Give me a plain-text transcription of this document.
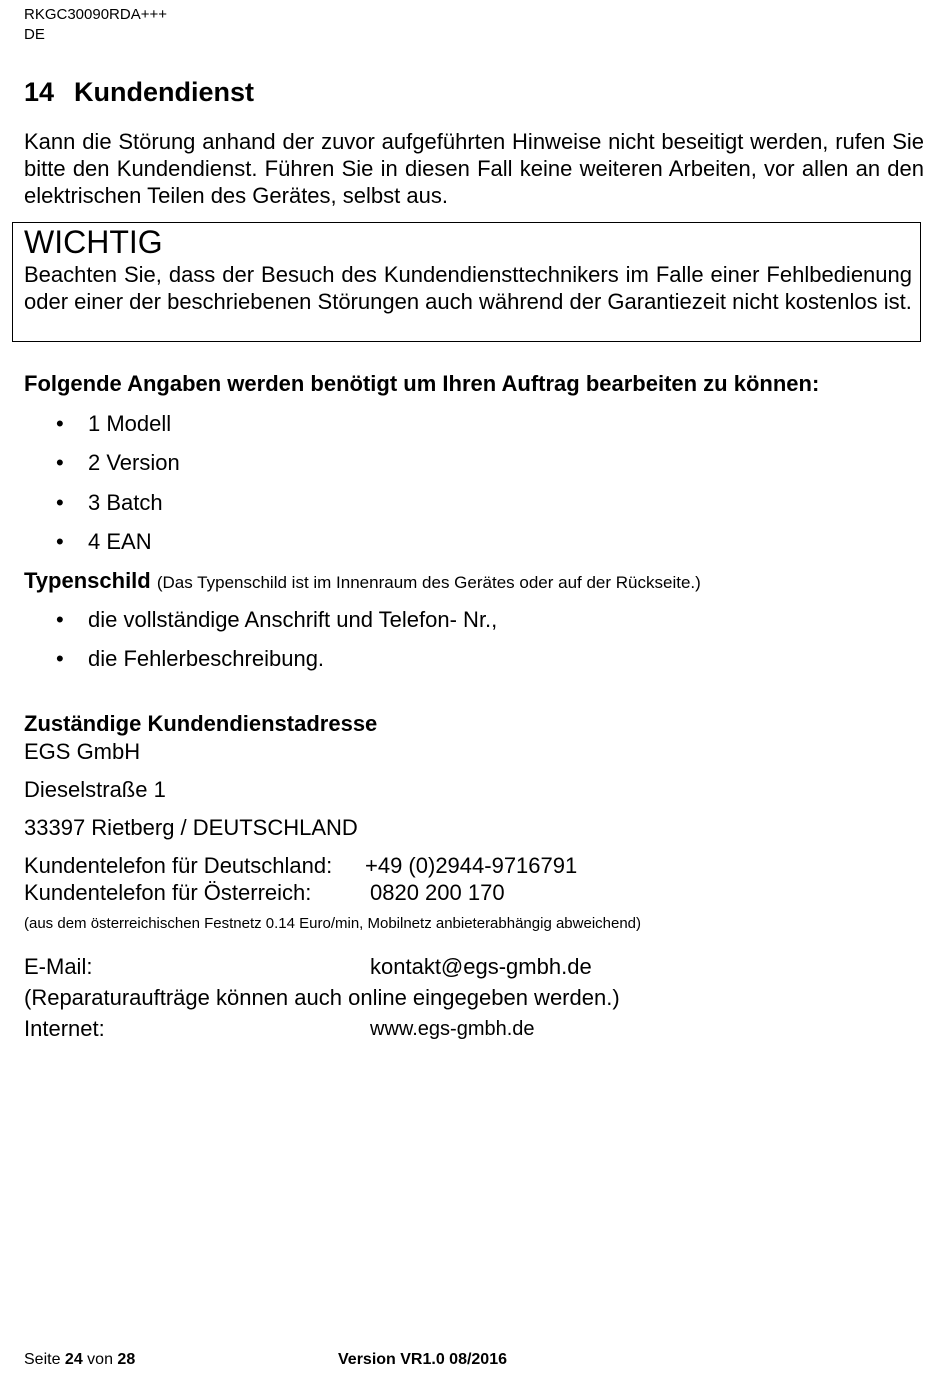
RKGC30090RDA+++
DE
14 Kundendienst
Kann die Störung anhand der zuvor aufgeführten Hinweise nicht beseitigt werden, rufen Sie bitte den Kundendienst. Führen Sie in diesen Fall keine weiteren Arbeiten, vor allen an den elektrischen Teilen des Gerätes, selbst aus.
WICHTIG
Beachten Sie, dass der Besuch des Kundendiensttechnikers im Falle einer Fehlbedienung oder einer der beschriebenen Störungen auch während der Garantiezeit nicht kostenlos ist.
Folgende Angaben werden benötigt um Ihren Auftrag bearbeiten zu können:
• 1 Modell
• 2 Version
• 3 Batch
• 4 EAN
Typenschild (Das Typenschild ist im Innenraum des Gerätes oder auf der Rückseite.)
• die vollständige Anschrift und Telefon- Nr.,
• die Fehlerbeschreibung.
Zuständige Kundendienstadresse
EGS GmbH
Dieselstraße 1
33397 Rietberg / DEUTSCHLAND
Kundentelefon für Deutschland: +49 (0)2944-9716791
Kundentelefon für Österreich:	0820 200 170
(aus dem österreichischen Festnetz 0.14 Euro/min, Mobilnetz anbieterabhängig abweichend)
E-Mail:	kontakt@egs-gmbh.de
(Reparaturaufträge können auch online eingegeben werden.)
Internet:	www.egs-gmbh.de
Seite 24 von 28	Version VR1.0 08/2016
